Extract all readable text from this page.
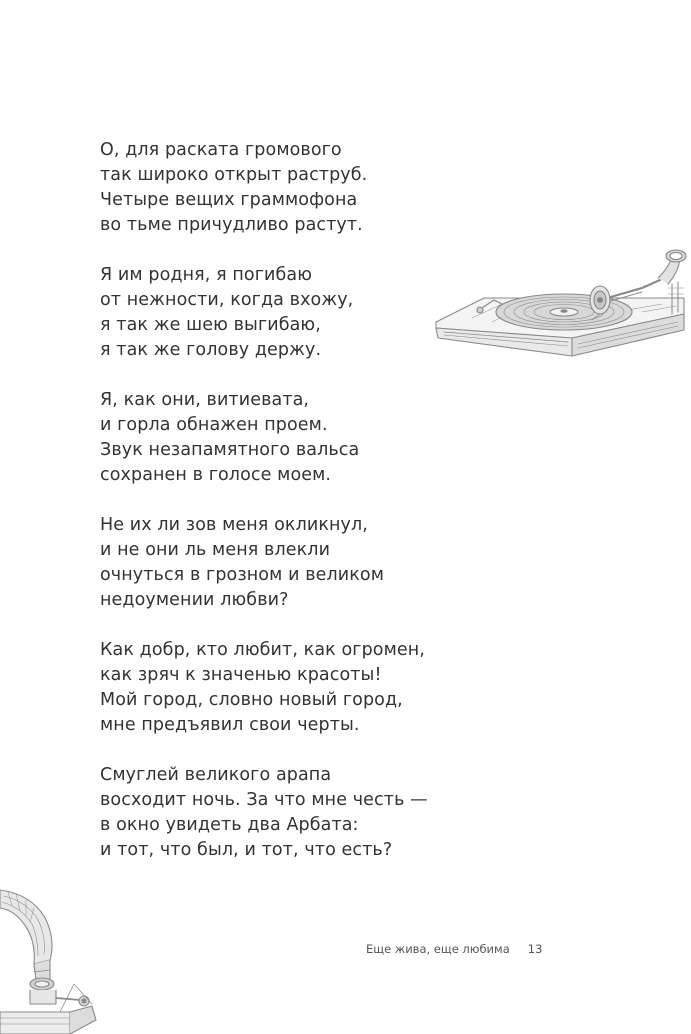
О, для раската громового
так широко открыт раструб.
Четыре вещих граммофона
во тьме причудливо растут.
Я им родня, я погибаю
от нежности, когда вхожу,
я так же шею выгибаю,
я так же голову держу.
Я, как они, витиевата,
и горла обнажен проем.
Звук незапамятного вальса
сохранен в голосе моем.
Не их ли зов меня окликнул,
и не они ль меня влекли
очнуться в грозном и великом
недоумении любви?
Как добр, кто любит, как огромен,
как зряч к значенью красоты!
Мой город, словно новый город,
мне предъявил свои черты.
Смуглей великого арапа
восходит ночь. За что мне честь —
в окно увидеть два Арбата:
и тот, что был, и тот, что есть?
Еще жива, еще любима 13
